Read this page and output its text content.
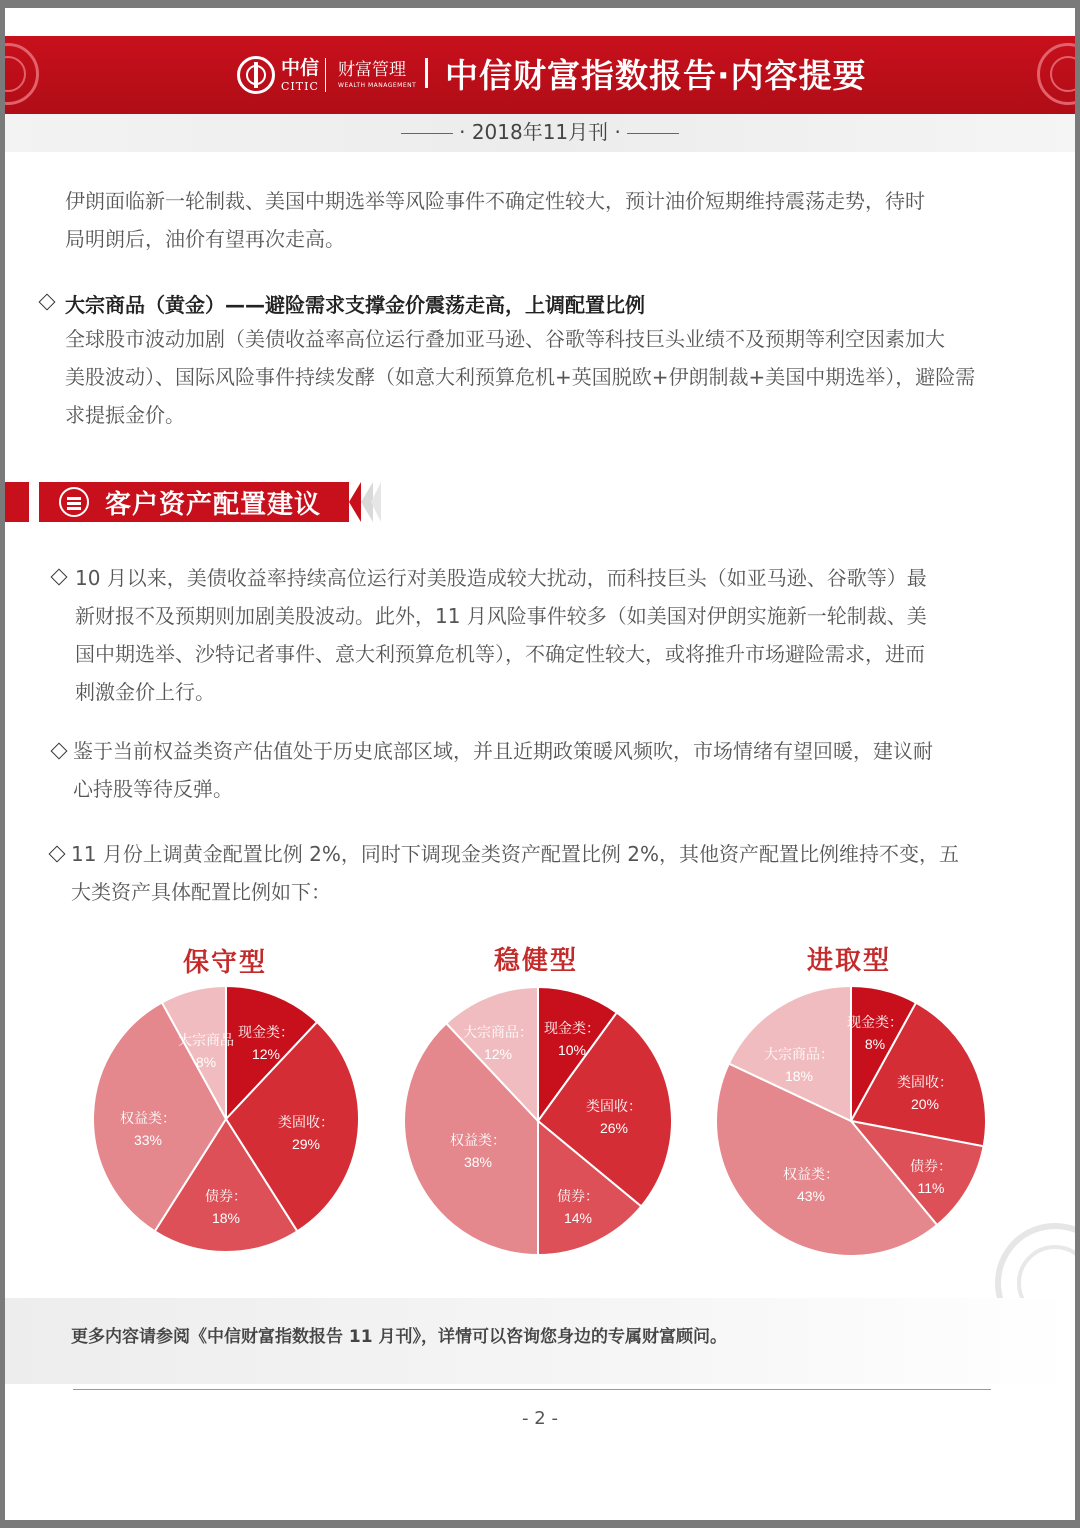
中信
CITIC
财富管理
WEALTH MANAGEMENT 中信财富指数报告·内容提要
· 2018年11月刊 ·
伊朗面临新一轮制裁、美国中期选举等风险事件不确定性较大，预计油价短期维持震荡走势，待时
局明朗后，油价有望再次走高。
大宗商品（黄金）——避险需求支撑金价震荡走高，上调配置比例
全球股市波动加剧（美债收益率高位运行叠加亚马逊、谷歌等科技巨头业绩不及预期等利空因素加大
美股波动）、国际风险事件持续发酵（如意大利预算危机+英国脱欧+伊朗制裁+美国中期选举），避险需
求提振金价。
客户资产配置建议
10 月以来，美债收益率持续高位运行对美股造成较大扰动，而科技巨头（如亚马逊、谷歌等）最
新财报不及预期则加剧美股波动。此外，11 月风险事件较多（如美国对伊朗实施新一轮制裁、美
国中期选举、沙特记者事件、意大利预算危机等），不确定性较大，或将推升市场避险需求，进而
刺激金价上行。
鉴于当前权益类资产估值处于历史底部区域，并且近期政策暖风频吹，市场情绪有望回暖，建议耐
心持股等待反弹。
11 月份上调黄金配置比例 2%，同时下调现金类资产配置比例 2%，其他资产配置比例维持不变，五
大类资产具体配置比例如下：
保守型	稳健型	进取型
现金类：
12%
类固收：
29%
债券：
18%
权益类：
33%
大宗商品
8%
现金类：
10%
类固收：
26%
债券：
14%
权益类：
38%
大宗商品：
12%
现金类：
8%
类固收：
20%
债券：
11%
权益类：
43%
大宗商品：
18%
更多内容请参阅《中信财富指数报告 11 月刊》，详情可以咨询您身边的专属财富顾问。
- 2 -
